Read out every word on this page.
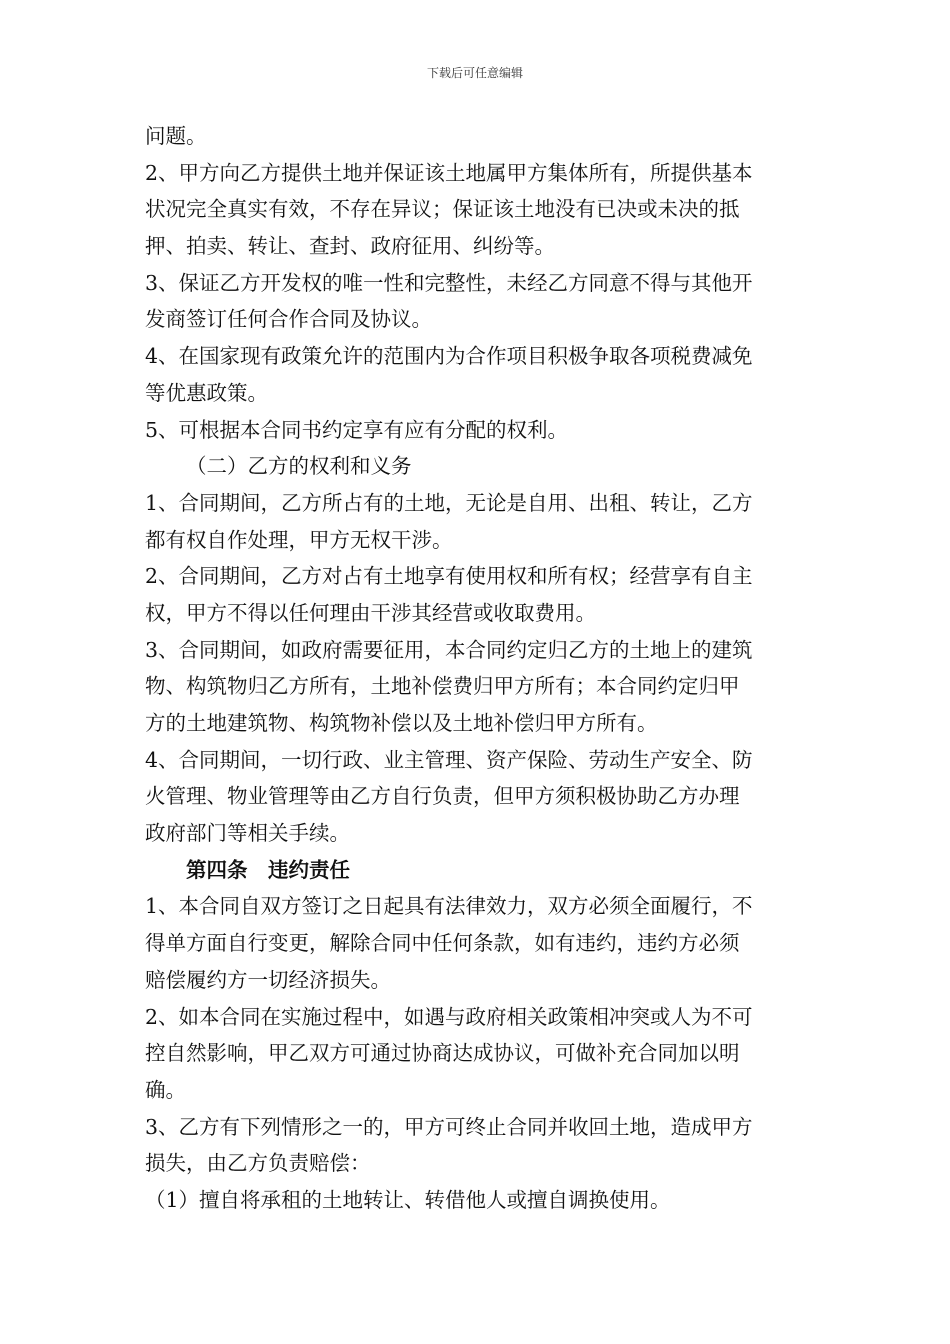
下载后可任意编辑

问题。

2、甲方向乙方提供土地并保证该土地属甲方集体所有，所提供基本

状况完全真实有效，不存在异议；保证该土地没有已决或未决的抵

押、拍卖、转让、查封、政府征用、纠纷等。

3、保证乙方开发权的唯一性和完整性，未经乙方同意不得与其他开

发商签订任何合作合同及协议。

4、在国家现有政策允许的范围内为合作项目积极争取各项税费减免

等优惠政策。

5、可根据本合同书约定享有应有分配的权利。

（二）乙方的权利和义务

1、合同期间，乙方所占有的土地，无论是自用、出租、转让，乙方

都有权自作处理，甲方无权干涉。

2、合同期间，乙方对占有土地享有使用权和所有权；经营享有自主

权，甲方不得以任何理由干涉其经营或收取费用。

3、合同期间，如政府需要征用，本合同约定归乙方的土地上的建筑

物、构筑物归乙方所有，土地补偿费归甲方所有；本合同约定归甲

方的土地建筑物、构筑物补偿以及土地补偿归甲方所有。

4、合同期间，一切行政、业主管理、资产保险、劳动生产安全、防

火管理、物业管理等由乙方自行负责，但甲方须积极协助乙方办理

政府部门等相关手续。

第四条　违约责任

1、本合同自双方签订之日起具有法律效力，双方必须全面履行，不

得单方面自行变更，解除合同中任何条款，如有违约，违约方必须

赔偿履约方一切经济损失。

2、如本合同在实施过程中，如遇与政府相关政策相冲突或人为不可

控自然影响，甲乙双方可通过协商达成协议，可做补充合同加以明

确。

3、乙方有下列情形之一的，甲方可终止合同并收回土地，造成甲方

损失，由乙方负责赔偿：

（1）擅自将承租的土地转让、转借他人或擅自调换使用。
